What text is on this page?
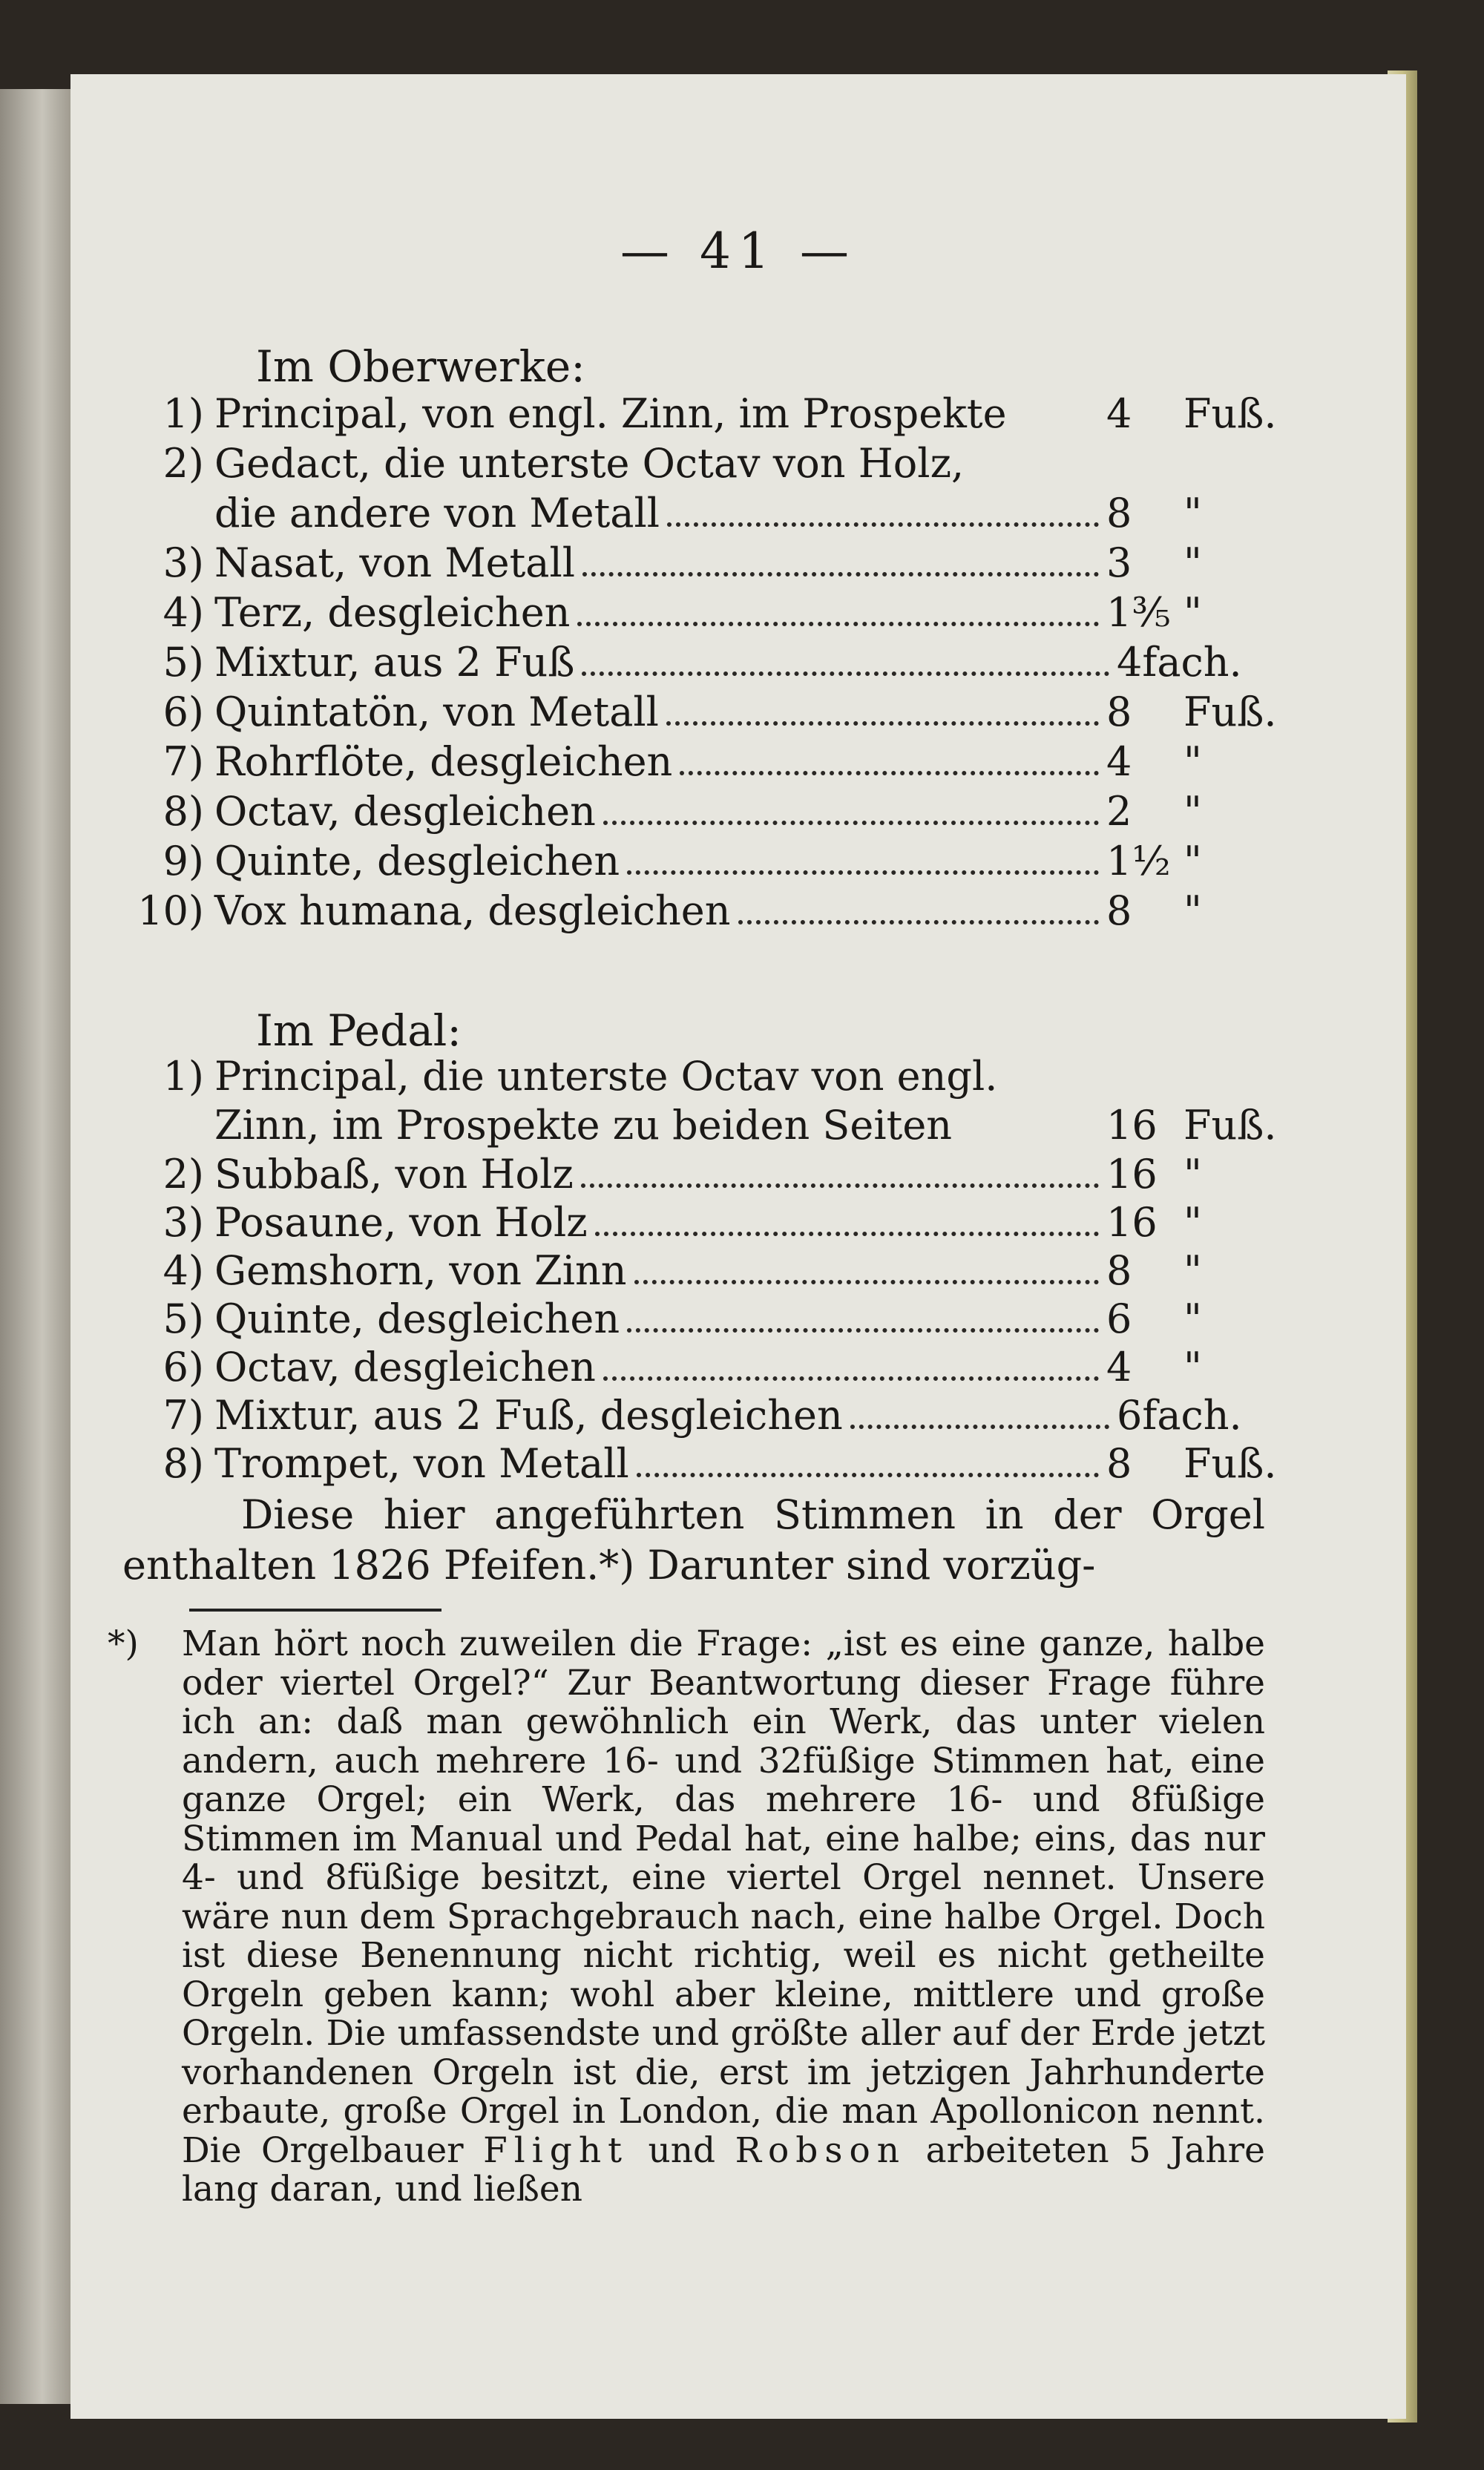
— 41 —
Im Oberwerke:
1) Principal, von engl. Zinn, im Prospekte 4	Fuß.
2) Gedact, die unterste Octav von Holz,
die andere von Metall	8	"
3) Nasat, von Metall	3	"
4) Terz, desgleichen	1⅗ "
5) Mixtur, aus 2 Fuß	4fach.
6) Quintatön, von Metall	8	Fuß.
7) Rohrflöte, desgleichen	4	"
8) Octav, desgleichen	2	"
9) Quinte, desgleichen	1½ "
10) Vox humana, desgleichen	8	"
Im Pedal:
1) Principal, die unterste Octav von engl.
Zinn, im Prospekte zu beiden Seiten	16 Fuß.
2) Subbaß, von Holz	16 "
3) Posaune, von Holz	16 "
4) Gemshorn, von Zinn	8	"
5) Quinte, desgleichen	6	"
6) Octav, desgleichen	4	"
7) Mixtur, aus 2 Fuß, desgleichen	6fach.
8) Trompet, von Metall	8	Fuß.
Diese hier angeführten Stimmen in der Orgel enthalten 1826 Pfeifen.*) Darunter sind vorzüg-
*) Man hört noch zuweilen die Frage: „ist es eine ganze, halbe oder viertel Orgel?“ Zur Beantwortung dieser Frage führe ich an: daß man gewöhnlich ein Werk, das unter vielen andern, auch mehrere 16- und 32füßige Stimmen hat, eine ganze Orgel; ein Werk, das mehrere 16- und 8füßige Stimmen im Manual und Pedal hat, eine halbe; eins, das nur 4- und 8füßige besitzt, eine viertel Orgel nennet. Unsere wäre nun dem Sprachgebrauch nach, eine halbe Orgel. Doch ist diese Benennung nicht richtig, weil es nicht getheilte Orgeln geben kann; wohl aber kleine, mittlere und große Orgeln. Die umfassendste und größte aller auf der Erde jetzt vorhandenen Orgeln ist die, erst im jetzigen Jahrhunderte erbaute, große Orgel in London, die man Apollonicon nennt. Die Orgelbauer Flight und Robson arbeiteten 5 Jahre lang daran, und ließen
